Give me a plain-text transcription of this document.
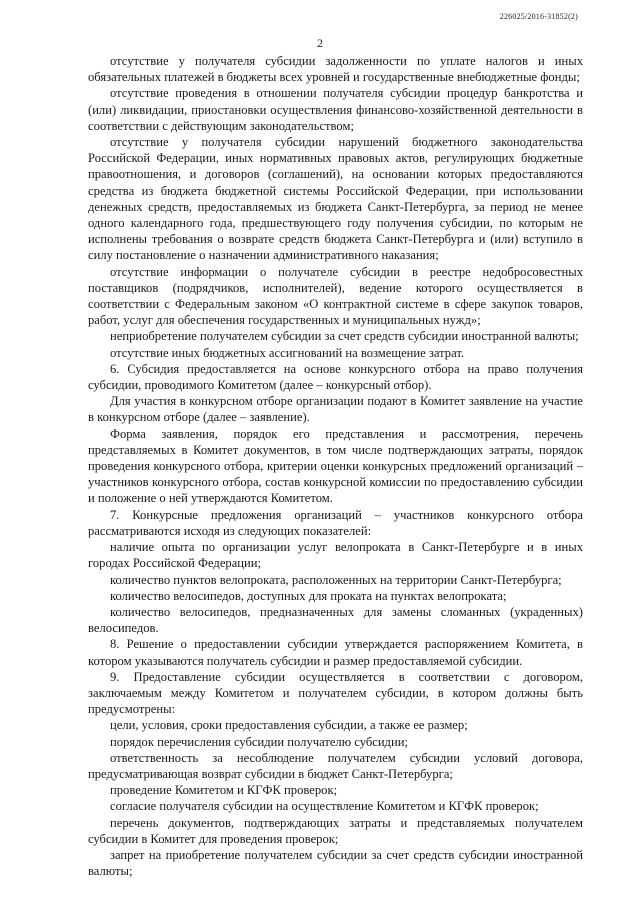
226025/2016-31852(2)
2

отсутствие у получателя субсидии задолженности по уплате налогов и иных обязательных платежей в бюджеты всех уровней и государственные внебюджетные фонды;

отсутствие проведения в отношении получателя субсидии процедур банкротства и (или) ликвидации, приостановки осуществления финансово-хозяйственной деятельности в соответствии с действующим законодательством;

отсутствие у получателя субсидии нарушений бюджетного законодательства Российской Федерации, иных нормативных правовых актов, регулирующих бюджетные правоотношения, и договоров (соглашений), на основании которых предоставляются средства из бюджета бюджетной системы Российской Федерации, при использовании денежных средств, предоставляемых из бюджета Санкт-Петербурга, за период не менее одного календарного года, предшествующего году получения субсидии, по которым не исполнены требования о возврате средств бюджета Санкт-Петербурга и (или) вступило в силу постановление о назначении административного наказания;

отсутствие информации о получателе субсидии в реестре недобросовестных поставщиков (подрядчиков, исполнителей), ведение которого осуществляется в соответствии с Федеральным законом «О контрактной системе в сфере закупок товаров, работ, услуг для обеспечения государственных и муниципальных нужд»;

неприобретение получателем субсидии за счет средств субсидии иностранной валюты;

отсутствие иных бюджетных ассигнований на возмещение затрат.

6. Субсидия предоставляется на основе конкурсного отбора на право получения субсидии, проводимого Комитетом (далее – конкурсный отбор).

Для участия в конкурсном отборе организации подают в Комитет заявление на участие в конкурсном отборе (далее – заявление).

Форма заявления, порядок его представления и рассмотрения, перечень представляемых в Комитет документов, в том числе подтверждающих затраты, порядок проведения конкурсного отбора, критерии оценки конкурсных предложений организаций – участников конкурсного отбора, состав конкурсной комиссии по предоставлению субсидии и положение о ней утверждаются Комитетом.

7. Конкурсные предложения организаций – участников конкурсного отбора рассматриваются исходя из следующих показателей:

наличие опыта по организации услуг велопроката в Санкт-Петербурге и в иных городах Российской Федерации;

количество пунктов велопроката, расположенных на территории Санкт-Петербурга;

количество велосипедов, доступных для проката на пунктах велопроката;

количество велосипедов, предназначенных для замены сломанных (украденных) велосипедов.

8. Решение о предоставлении субсидии утверждается распоряжением Комитета, в котором указываются получатель субсидии и размер предоставляемой субсидии.

9. Предоставление субсидии осуществляется в соответствии с договором, заключаемым между Комитетом и получателем субсидии, в котором должны быть предусмотрены:

цели, условия, сроки предоставления субсидии, а также ее размер;

порядок перечисления субсидии получателю субсидии;

ответственность за несоблюдение получателем субсидии условий договора, предусматривающая возврат субсидии в бюджет Санкт-Петербурга;

проведение Комитетом и КГФК проверок;

согласие получателя субсидии на осуществление Комитетом и КГФК проверок;

перечень документов, подтверждающих затраты и представляемых получателем субсидии в Комитет для проведения проверок;

запрет на приобретение получателем субсидии за счет средств субсидии иностранной валюты;
